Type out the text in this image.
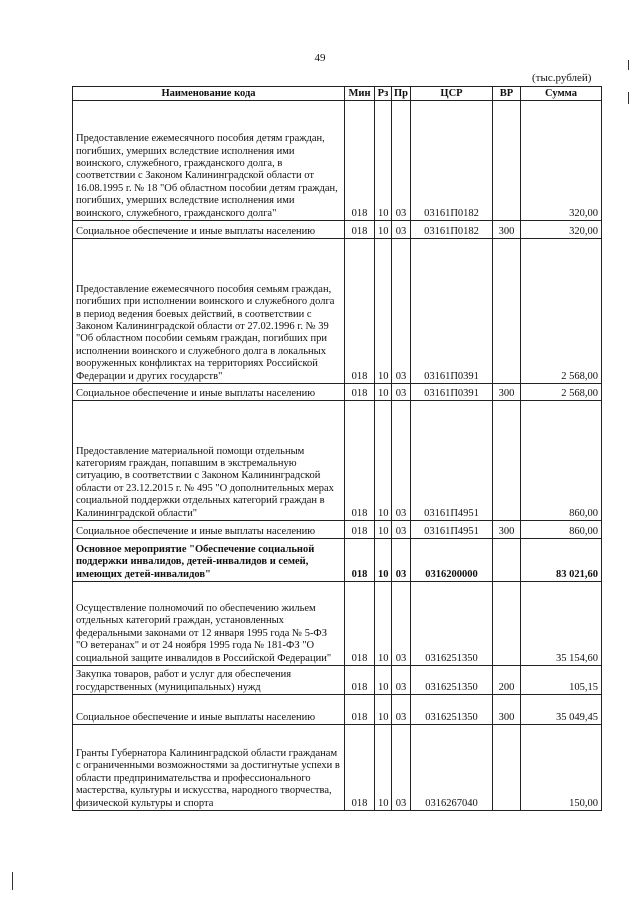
49
(тыс.рублей)
Наименование кода	Мин	Рз	Пр	ЦСР	ВР	Сумма
Предоставление ежемесячного пособия детям граждан, погибших, умерших вследствие исполнения ими воинского, служебного, гражданского долга, в соответствии с Законом Калининградской области от 16.08.1995 г. № 18 "Об областном пособии детям граждан, погибших, умерших вследствие исполнения ими воинского, служебного, гражданского долга"	018	10	03	03161П0182		320,00
Социальное обеспечение и иные выплаты населению	018	10	03	03161П0182	300	320,00
Предоставление ежемесячного пособия семьям граждан, погибших при исполнении воинского и служебного долга в период ведения боевых действий, в соответствии с Законом Калининградской области от 27.02.1996 г. № 39 "Об областном пособии семьям граждан, погибших при исполнении воинского и служебного долга в локальных вооруженных конфликтах на территориях Российской Федерации и других государств"	018	10	03	03161П0391		2 568,00
Социальное обеспечение и иные выплаты населению	018	10	03	03161П0391	300	2 568,00
Предоставление материальной помощи отдельным категориям граждан, попавшим в экстремальную ситуацию, в соответствии с Законом Калининградской области от 23.12.2015 г. № 495 "О дополнительных мерах социальной поддержки отдельных категорий граждан в Калининградской области"	018	10	03	03161П4951		860,00
Социальное обеспечение и иные выплаты населению	018	10	03	03161П4951	300	860,00
Основное мероприятие "Обеспечение социальной поддержки инвалидов, детей-инвалидов и семей, имеющих детей-инвалидов"	018	10	03	0316200000		83 021,60
Осуществление полномочий по обеспечению жильем отдельных категорий граждан, установленных федеральными законами от 12 января 1995 года № 5-ФЗ "О ветеранах" и от 24 ноября 1995 года № 181-ФЗ "О социальной защите инвалидов в Российской Федерации"	018	10	03	0316251350		35 154,60
Закупка товаров, работ и услуг для обеспечения государственных (муниципальных) нужд	018	10	03	0316251350	200	105,15
Социальное обеспечение и иные выплаты населению	018	10	03	0316251350	300	35 049,45
Гранты Губернатора Калининградской области гражданам с ограниченными возможностями за достигнутые успехи в области предпринимательства и профессионального мастерства, культуры и искусства, народного творчества, физической культуры и спорта	018	10	03	0316267040		150,00
